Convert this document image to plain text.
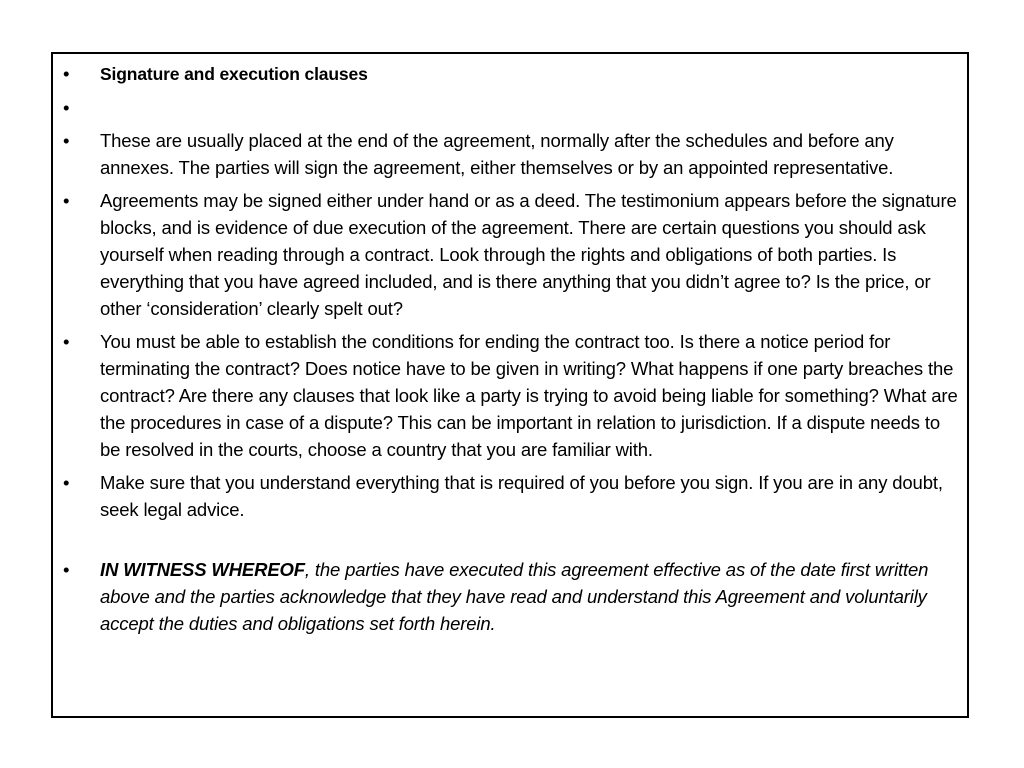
•	Signature and execution clauses
•

•	These are usually placed at the end of the agreement, normally after the schedules and before any annexes. The parties will sign the agreement, either themselves or by an appointed representative.
•	Agreements may be signed either under hand or as a deed. The testimonium appears before the signature blocks, and is evidence of due execution of the agreement. There are certain questions you should ask yourself when reading through a contract. Look through the rights and obligations of both parties. Is everything that you have agreed included, and is there anything that you didn’t agree to? Is the price, or other ‘consideration’ clearly spelt out?
•	You must be able to establish the conditions for ending the contract too. Is there a notice period for terminating the contract? Does notice have to be given in writing? What happens if one party breaches the contract? Are there any clauses that look like a party is trying to avoid being liable for something? What are the procedures in case of a dispute? This can be important in relation to jurisdiction. If a dispute needs to be resolved in the courts, choose a country that you are familiar with.
•	Make sure that you understand everything that is required of you before you sign. If you are in any doubt, seek legal advice.
•	IN WITNESS WHEREOF, the parties have executed this agreement effective as of the date first written above and the parties acknowledge that they have read and understand this Agreement and voluntarily accept the duties and obligations set forth herein.
